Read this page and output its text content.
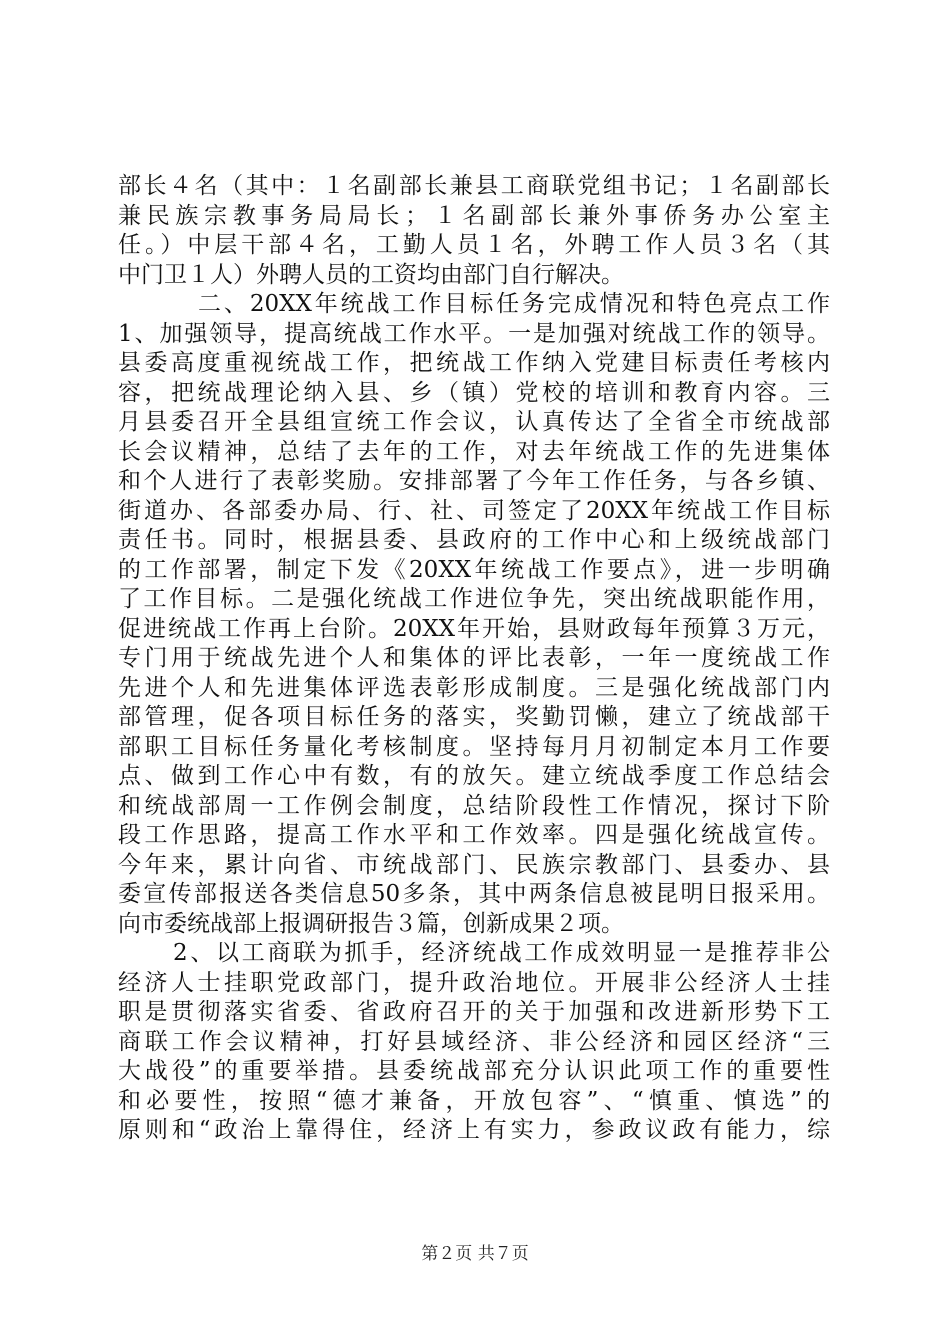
部长４名（其中：１名副部长兼县工商联党组书记；１名副部长
兼民族宗教事务局局长；１名副部长兼外事侨务办公室主
任。）中层干部４名，工勤人员１名，外聘工作人员３名（其
中门卫１人）外聘人员的工资均由部门自行解决。
二、20XX年统战工作目标任务完成情况和特色亮点工作
1、加强领导，提高统战工作水平。一是加强对统战工作的领导。
县委高度重视统战工作，把统战工作纳入党建目标责任考核内
容，把统战理论纳入县、乡（镇）党校的培训和教育内容。三
月县委召开全县组宣统工作会议，认真传达了全省全市统战部
长会议精神，总结了去年的工作，对去年统战工作的先进集体
和个人进行了表彰奖励。安排部署了今年工作任务，与各乡镇、
街道办、各部委办局、行、社、司签定了20XX年统战工作目标
责任书。同时，根据县委、县政府的工作中心和上级统战部门
的工作部署，制定下发《20XX年统战工作要点》，进一步明确
了工作目标。二是强化统战工作进位争先，突出统战职能作用，
促进统战工作再上台阶。20XX年开始，县财政每年预算３万元，
专门用于统战先进个人和集体的评比表彰，一年一度统战工作
先进个人和先进集体评选表彰形成制度。三是强化统战部门内
部管理，促各项目标任务的落实，奖勤罚懒，建立了统战部干
部职工目标任务量化考核制度。坚持每月月初制定本月工作要
点、做到工作心中有数，有的放矢。建立统战季度工作总结会
和统战部周一工作例会制度，总结阶段性工作情况，探讨下阶
段工作思路，提高工作水平和工作效率。四是强化统战宣传。
今年来，累计向省、市统战部门、民族宗教部门、县委办、县
委宣传部报送各类信息50多条，其中两条信息被昆明日报采用。
向市委统战部上报调研报告３篇，创新成果２项。
2、以工商联为抓手，经济统战工作成效明显一是推荐非公
经济人士挂职党政部门，提升政治地位。开展非公经济人士挂
职是贯彻落实省委、省政府召开的关于加强和改进新形势下工
商联工作会议精神，打好县域经济、非公经济和园区经济“三
大战役”的重要举措。县委统战部充分认识此项工作的重要性
和必要性，按照“德才兼备，开放包容”、“慎重、慎选”的
原则和“政治上靠得住，经济上有实力，参政议政有能力，综
第２页 共７页
